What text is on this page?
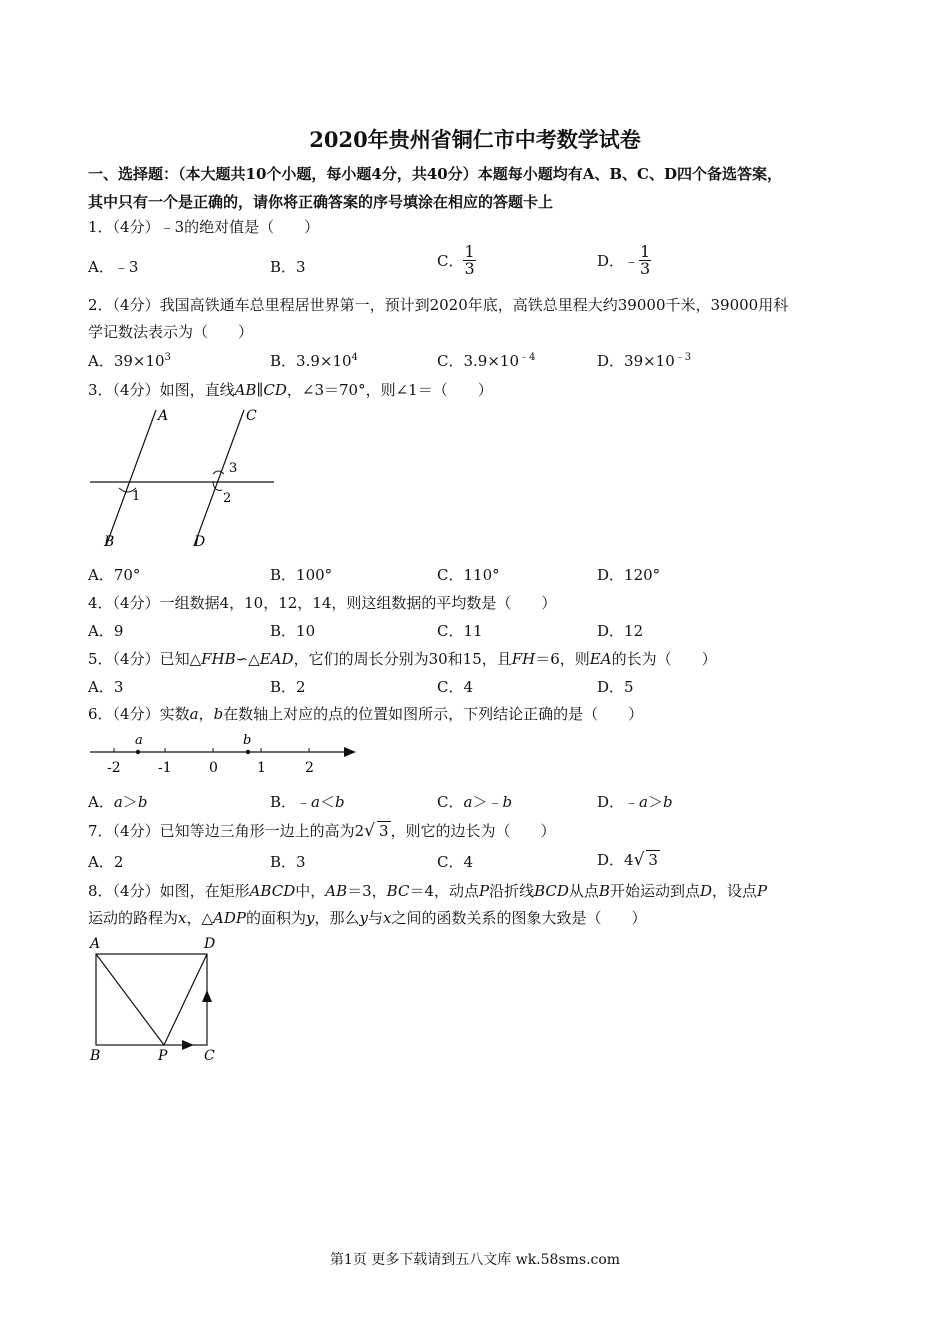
2020年贵州省铜仁市中考数学试卷
一、选择题：（本大题共10个小题，每小题4分，共40分）本题每小题均有A、B、C、D四个备选答案，
其中只有一个是正确的，请你将正确答案的序号填涂在相应的答题卡上
1．（4分）﹣3的绝对值是（　　）
A．﹣3	B．3	C． $\frac{1}{3}$	D．﹣ $\frac{1}{3}$
2．（4分）我国高铁通车总里程居世界第一，预计到2020年底，高铁总里程大约39000千米，39000用科
学记数法表示为（　　）
A．$39\times 10^3$	B．$3.9\times 10^4$	C．$3.9\times 10^{﹣4}$	D．$39\times 10^{﹣3}$
3．（4分）如图，直线AB∥CD，∠3＝70°，则∠1＝（　　）
A
B
C
D
1	2
3
A．70°	B．100°	C．110°	D．120°
4．（4分）一组数据4，10，12，14，则这组数据的平均数是（　　）
A．9	B．10	C．11	D．12
5．（4分）已知△FHB∽△EAD，它们的周长分别为30和15，且FH＝6，则EA的长为（　　）
A．3	B．2	C．4	D．5
6．（4分）实数a，b在数轴上对应的点的位置如图所示，下列结论正确的是（　　）
a	b
-2	-1	0	1	2
A．a＞b	B．﹣a＜b	C．a＞﹣b	D．﹣a＞b
7．（4分）已知等边三角形一边上的高为2√ 3 ，则它的边长为（　　）
A．2	B．3	C．4	D．4√ 3
8．（4分）如图，在矩形ABCD中，AB＝3，BC＝4，动点P沿折线BCD从点B开始运动到点D，设点P
运动的路程为x，△ADP的面积为y，那么y与x之间的函数关系的图象大致是（　　）
A	D
B	P	C
第1页 更多下载请到五八文库 wk.58sms.com
